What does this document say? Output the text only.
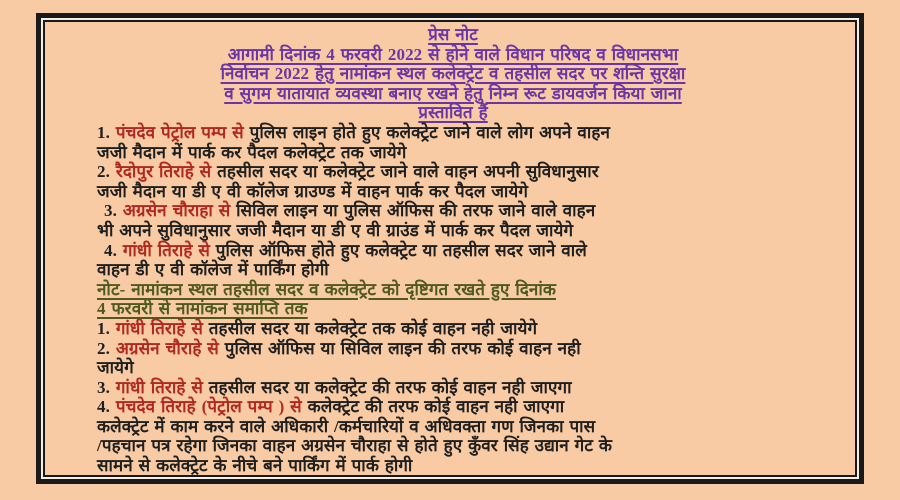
प्रेस नोट
आगामी दिनांक 4 फरवरी 2022 से होने वाले विधान परिषद व विधानसभा
निर्वाचन 2022 हेतु नामांकन स्थल कलेक्ट्रेट व तहसील सदर पर शन्ति सुरक्षा
व सुगम यातायात व्यवस्था बनाए रखने हेतु निम्न रूट डायवर्जन किया जाना
प्रस्तावित हैं
1. पंचदेव पेट्रोल पम्प से पुलिस लाइन होते हुए कलेक्ट्रेट जाने वाले लोग अपने वाहन
जजी मैदान में पार्क कर पैदल कलेक्ट्रेट तक जायेगे
2. रैदोपुर तिराहे से तहसील सदर या कलेक्ट्रेट जाने वाले वाहन अपनी सुविधानुसार
जजी मैदान या डी ए वी कॉलेज ग्राउण्ड में वाहन पार्क कर पैदल जायेगे
3. अग्रसेन चौराहा से सिविल लाइन या पुलिस ऑफिस की तरफ जाने वाले वाहन
भी अपने सुविधानुसार जजी मैदान या डी ए वी ग्राउंड में पार्क कर पैदल जायेगे
4. गांधी तिराहे से पुलिस ऑफिस होते हुए कलेक्ट्रेट या तहसील सदर जाने वाले
वाहन डी ए वी कॉलेज में पार्किंग होगी
नोट- नामांकन स्थल तहसील सदर व कलेक्ट्रेट को दृष्टिगत रखते हुए दिनांक
4 फरवरी से नामांकन समाप्ति तक
1. गांधी तिराहे से तहसील सदर या कलेक्ट्रेट तक कोई वाहन नही जायेगे
2. अग्रसेन चौराहे से पुलिस ऑफिस या सिविल लाइन की तरफ कोई वाहन नही
जायेगे
3. गांधी तिराहे से तहसील सदर या कलेक्ट्रेट की तरफ कोई वाहन नही जाएगा
4. पंचदेव तिराहे (पेट्रोल पम्प ) से कलेक्ट्रेट की तरफ कोई वाहन नही जाएगा
कलेक्ट्रेट में काम करने वाले अधिकारी /कर्मचारियों व अधिवक्ता गण जिनका पास
/पहचान पत्र रहेगा जिनका वाहन अग्रसेन चौराहा से होते हुए कुँवर सिंह उद्यान गेट के
सामने से कलेक्ट्रेट के नीचे बने पार्किंग में पार्क होगी
